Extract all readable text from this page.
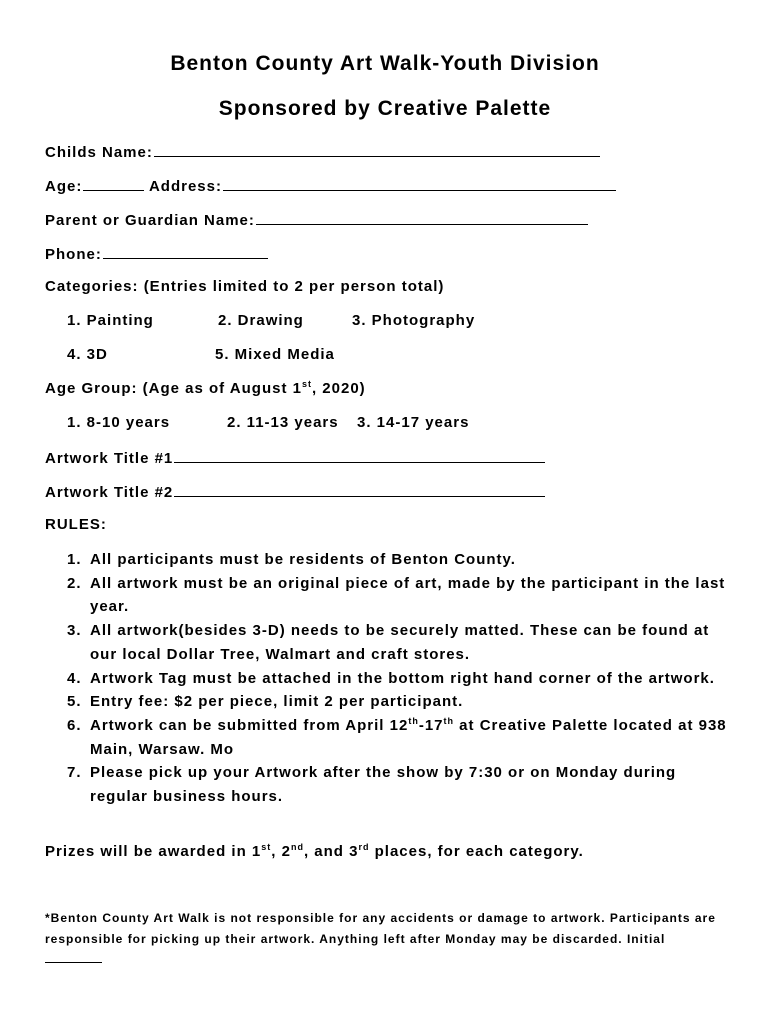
Benton County Art Walk-Youth Division
Sponsored by Creative Palette
Childs Name:
Age:	Address:
Parent or Guardian Name:
Phone:
Categories: (Entries limited to 2 per person total)
1. Painting	2. Drawing	3. Photography
4. 3D	5. Mixed Media
Age Group: (Age as of August 1st, 2020)
1. 8-10 years	2. 11-13 years 3. 14-17 years
Artwork Title #1
Artwork Title #2
RULES:
1. All participants must be residents of Benton County.
2. All artwork must be an original piece of art, made by the participant in the last year.
3. All artwork(besides 3-D) needs to be securely matted. These can be found at our local Dollar Tree, Walmart and craft stores.
4. Artwork Tag must be attached in the bottom right hand corner of the artwork.
5. Entry fee: $2 per piece, limit 2 per participant.
6. Artwork can be submitted from April 12th-17th at Creative Palette located at 938 Main, Warsaw. Mo
7. Please pick up your Artwork after the show by 7:30 or on Monday during regular business hours.
Prizes will be awarded in 1st, 2nd, and 3rd places, for each category.
*Benton County Art Walk is not responsible for any accidents or damage to artwork. Participants are responsible for picking up their artwork. Anything left after Monday may be discarded. Initial
